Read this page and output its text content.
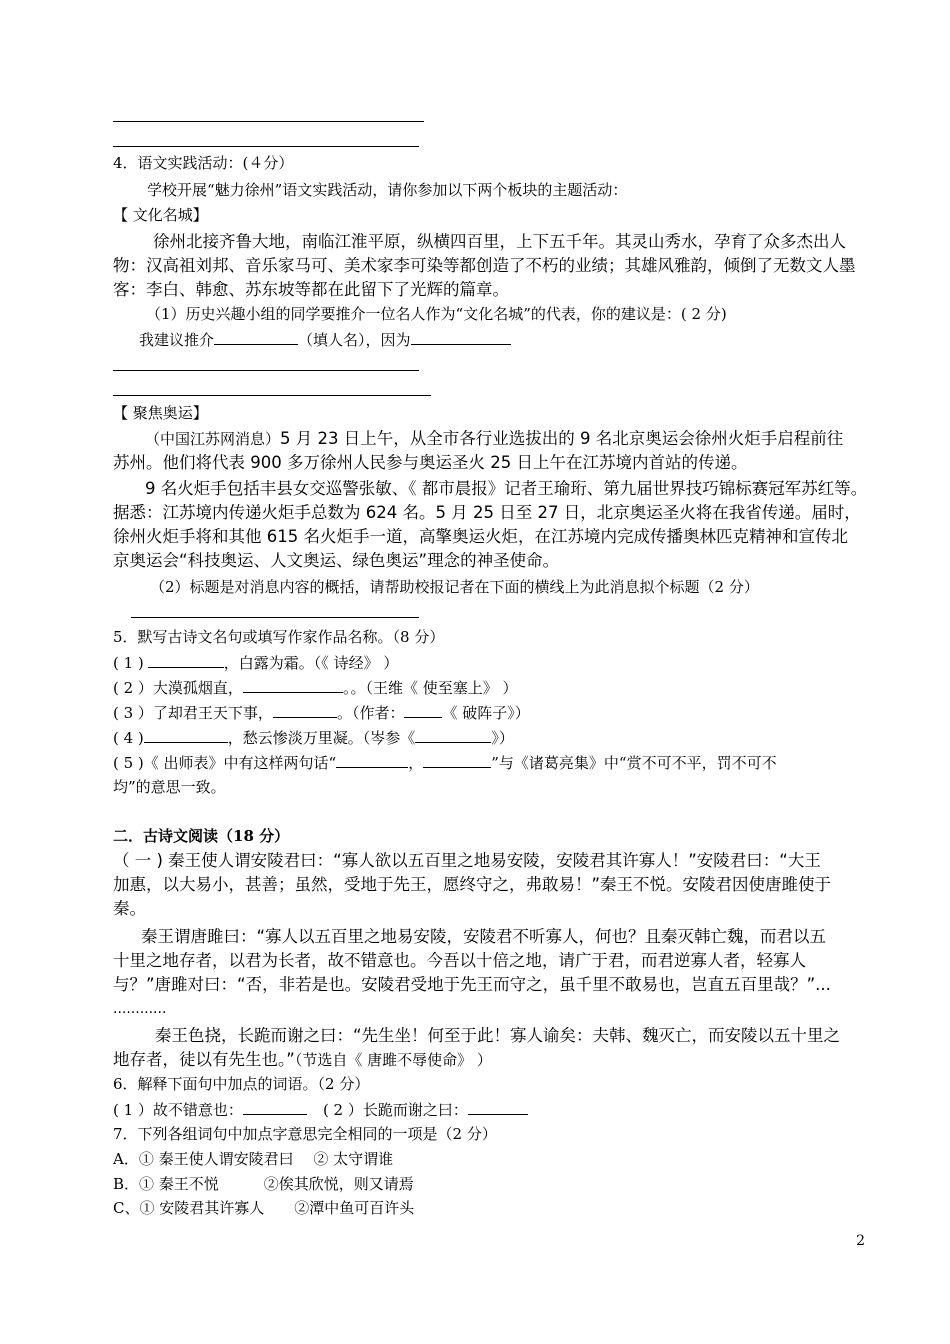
4．语文实践活动：(４分）
学校开展“魅力徐州”语文实践活动，请你参加以下两个板块的主题活动：
【 文化名城】
徐州北接齐鲁大地，南临江淮平原，纵横四百里，上下五千年。其灵山秀水，孕育了众多杰出人
物：汉高祖刘邦、音乐家马可、美术家李可染等都创造了不朽的业绩；其雄风雅韵，倾倒了无数文人墨
客：李白、韩愈、苏东坡等都在此留下了光辉的篇章。
（1）历史兴趣小组的同学要推介一位名人作为“文化名城”的代表，你的建议是：( 2 分)
我建议推介	（填人名），因为
【 聚焦奥运】
（中国江苏网消息）5 月 23 日上午，从全市各行业选拔出的 9 名北京奥运会徐州火炬手启程前往
苏州。他们将代表 900 多万徐州人民参与奥运圣火 25 日上午在江苏境内首站的传递。
9 名火炬手包括丰县女交巡警张敏、《 都市晨报》记者王瑜珩、第九届世界技巧锦标赛冠军苏红等。
据悉：江苏境内传递火炬手总数为 624 名。5 月 25 日至 27 日，北京奥运圣火将在我省传递。届时，
徐州火炬手将和其他 615 名火炬手一道，高擎奥运火炬，在江苏境内完成传播奥林匹克精神和宣传北
京奥运会“科技奥运、人文奥运、绿色奥运”理念的神圣使命。
（2）标题是对消息内容的概括，请帮助校报记者在下面的横线上为此消息拟个标题（2 分）
5．默写古诗文名句或填写作家作品名称。（8 分）
( 1 )	，白露为霜。（《 诗经》 ）
( 2 ）大漠孤烟直，	。。（王维《 使至塞上》 ）
( 3 ）了却君王天下事，	。（作者：	《 破阵子》）
( 4 )	，愁云惨淡万里凝。（岑参《	》）
( 5 )《 出师表》中有这样两句话“	，	”与《诸葛亮集》中“赏不可不平，罚不可不
均”的意思一致。
二．古诗文阅读（18 分）
（ 一 ) 秦王使人谓安陵君曰：“寡人欲以五百里之地易安陵，安陵君其许寡人！”安陵君曰：“大王
加惠，以大易小，甚善；虽然，受地于先王，愿终守之，弗敢易！”秦王不悦。安陵君因使唐雎使于
秦。
秦王谓唐雎曰：“寡人以五百里之地易安陵，安陵君不听寡人，何也？且秦灭韩亡魏，而君以五
十里之地存者，以君为长者，故不错意也。今吾以十倍之地，请广于君，而君逆寡人者，轻寡人
与？”唐雎对曰：“否，非若是也。安陵君受地于先王而守之，虽千里不敢易也，岂直五百里哉？”...
............
秦王色挠，长跪而谢之曰：“先生坐！何至于此！寡人谕矣：夫韩、魏灭亡，而安陵以五十里之
地存者，徒以有先生也。”（节选自《 唐雎不辱使命》 ）
6．解释下面句中加点的词语。（2 分）
( 1 ）故不错意也：	( 2 ）长跪而谢之曰：
7．下列各组词句中加点字意思完全相同的一项是（2 分）
A．① 秦王使人谓安陵君曰　 ② 太守谓谁
B．① 秦王不悦　　　②俟其欣悦，则又请焉
C、① 安陵君其许寡人　　②潭中鱼可百许头
2
